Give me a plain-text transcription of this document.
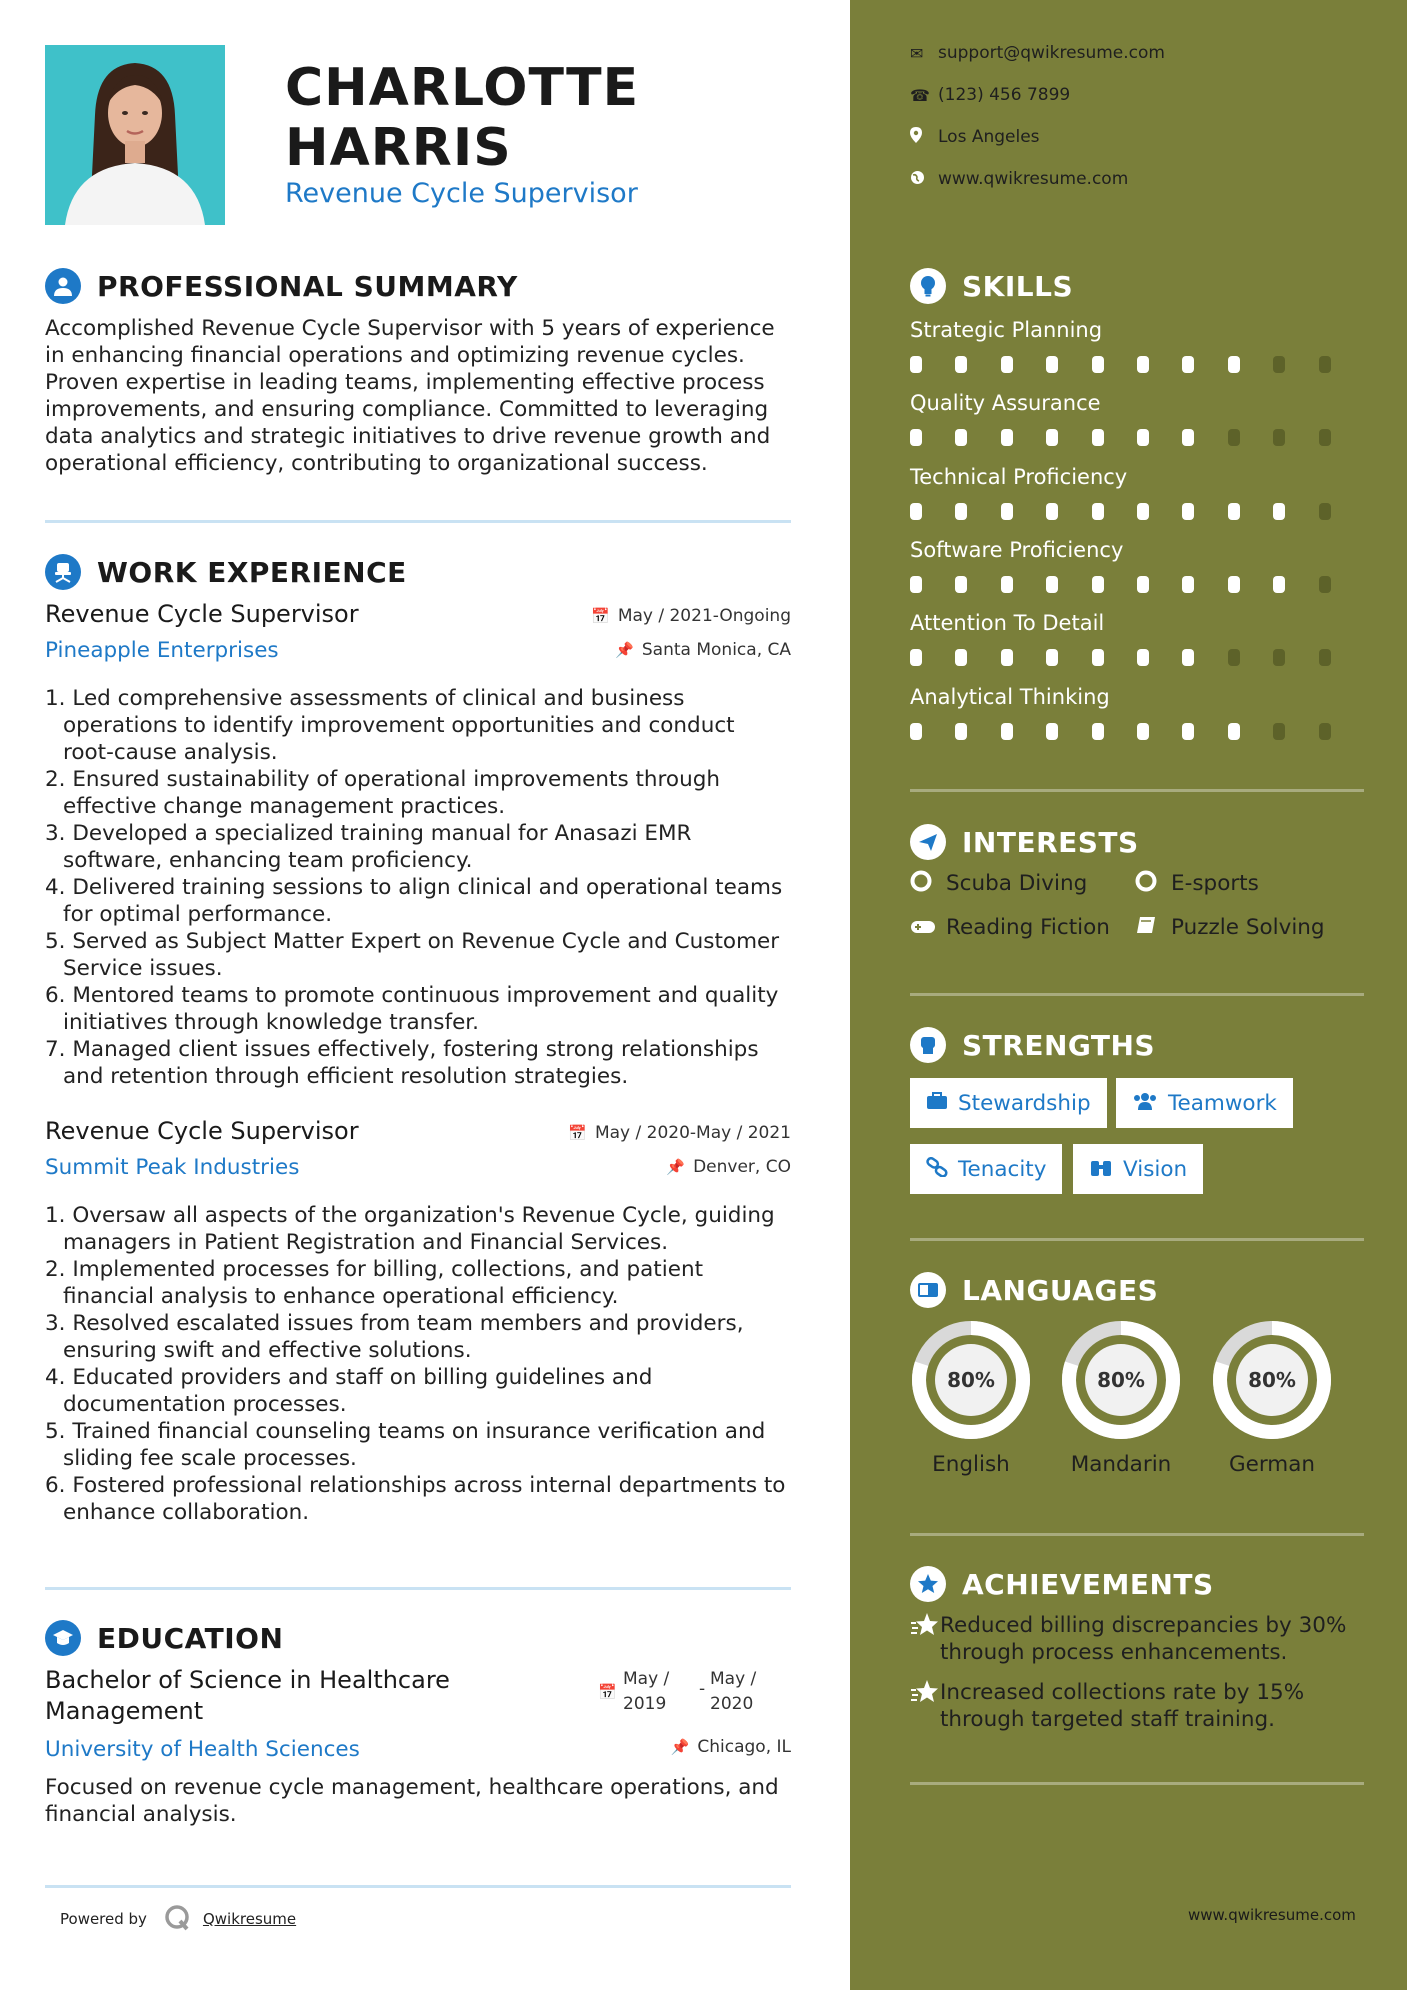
CHARLOTTE
HARRIS
Revenue Cycle Supervisor
PROFESSIONAL SUMMARY
Accomplished Revenue Cycle Supervisor with 5 years of experience in enhancing financial operations and optimizing revenue cycles. Proven expertise in leading teams, implementing effective process improvements, and ensuring compliance. Committed to leveraging data analytics and strategic initiatives to drive revenue growth and operational efficiency, contributing to organizational success.
WORK EXPERIENCE
📅 May / 2021-Ongoing
📌 Santa Monica, CA
Revenue Cycle Supervisor
Pineapple Enterprises
1. Led comprehensive assessments of clinical and business operations to identify improvement opportunities and conduct root-cause analysis.
2. Ensured sustainability of operational improvements through effective change management practices.
3. Developed a specialized training manual for Anasazi EMR software, enhancing team proficiency.
4. Delivered training sessions to align clinical and operational teams for optimal performance.
5. Served as Subject Matter Expert on Revenue Cycle and Customer Service issues.
6. Mentored teams to promote continuous improvement and quality initiatives through knowledge transfer.
7. Managed client issues effectively, fostering strong relationships and retention through efficient resolution strategies.
📅 May / 2020-May / 2021
📌 Denver, CO
Revenue Cycle Supervisor
Summit Peak Industries
1. Oversaw all aspects of the organization's Revenue Cycle, guiding managers in Patient Registration and Financial Services.
2. Implemented processes for billing, collections, and patient financial analysis to enhance operational efficiency.
3. Resolved escalated issues from team members and providers, ensuring swift and effective solutions.
4. Educated providers and staff on billing guidelines and documentation processes.
5. Trained financial counseling teams on insurance verification and sliding fee scale processes.
6. Fostered professional relationships across internal departments to enhance collaboration.
EDUCATION
📅
May /
2019
- May /
2020
📌 Chicago, IL
Bachelor of Science in Healthcare
Management
University of Health Sciences
Focused on revenue cycle management, healthcare operations, and financial analysis.
Powered by	Qwikresume
✉ support@qwikresume.com
☎ (123) 456 7899
Los Angeles
www.qwikresume.com
SKILLS
Strategic Planning
Quality Assurance
Technical Proficiency
Software Proficiency
Attention To Detail
Analytical Thinking
INTERESTS
Scuba Diving	E-sports
Reading Fiction	Puzzle Solving
STRENGTHS
Stewardship	Teamwork
Tenacity	Vision
LANGUAGES
80%
English
80%
Mandarin
80%
German
ACHIEVEMENTS
Reduced billing discrepancies by 30% through process enhancements.
Increased collections rate by 15% through targeted staff training.
www.qwikresume.com
